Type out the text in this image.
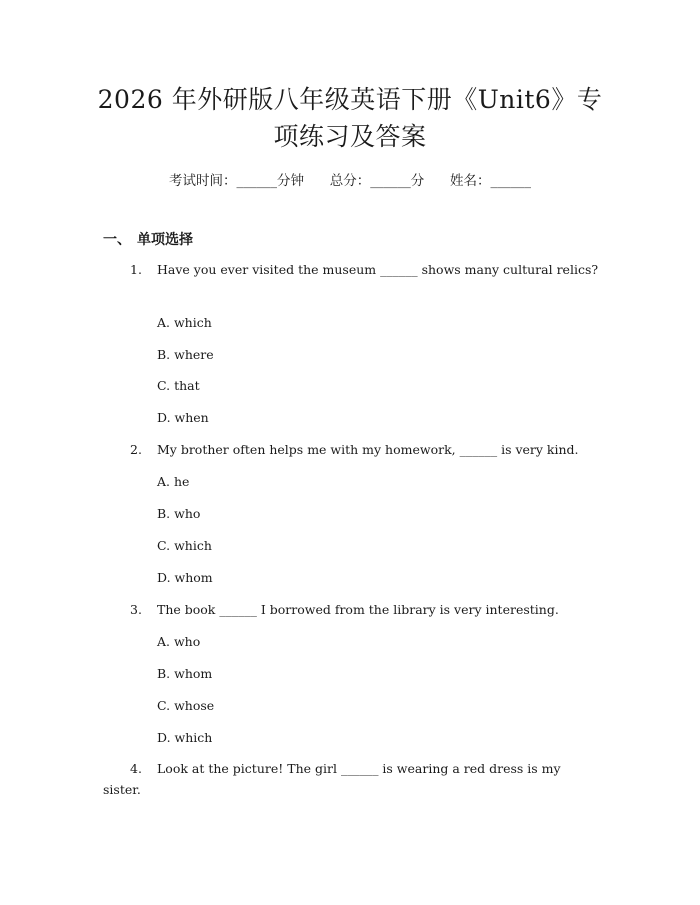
2026 年外研版八年级英语下册《Unit6》专
项练习及答案
考试时间：______分钟      总分：______分      姓名：______
一、 单项选择
1. Have you ever visited the museum ______ shows many cultural relics?
A. which
B. where
C. that
D. when
2. My brother often helps me with my homework, ______ is very kind.
A. he
B. who
C. which
D. whom
3. The book ______ I borrowed from the library is very interesting.
A. who
B. whom
C. whose
D. which
4. Look at the picture! The girl ______ is wearing a red dress is my sister.
